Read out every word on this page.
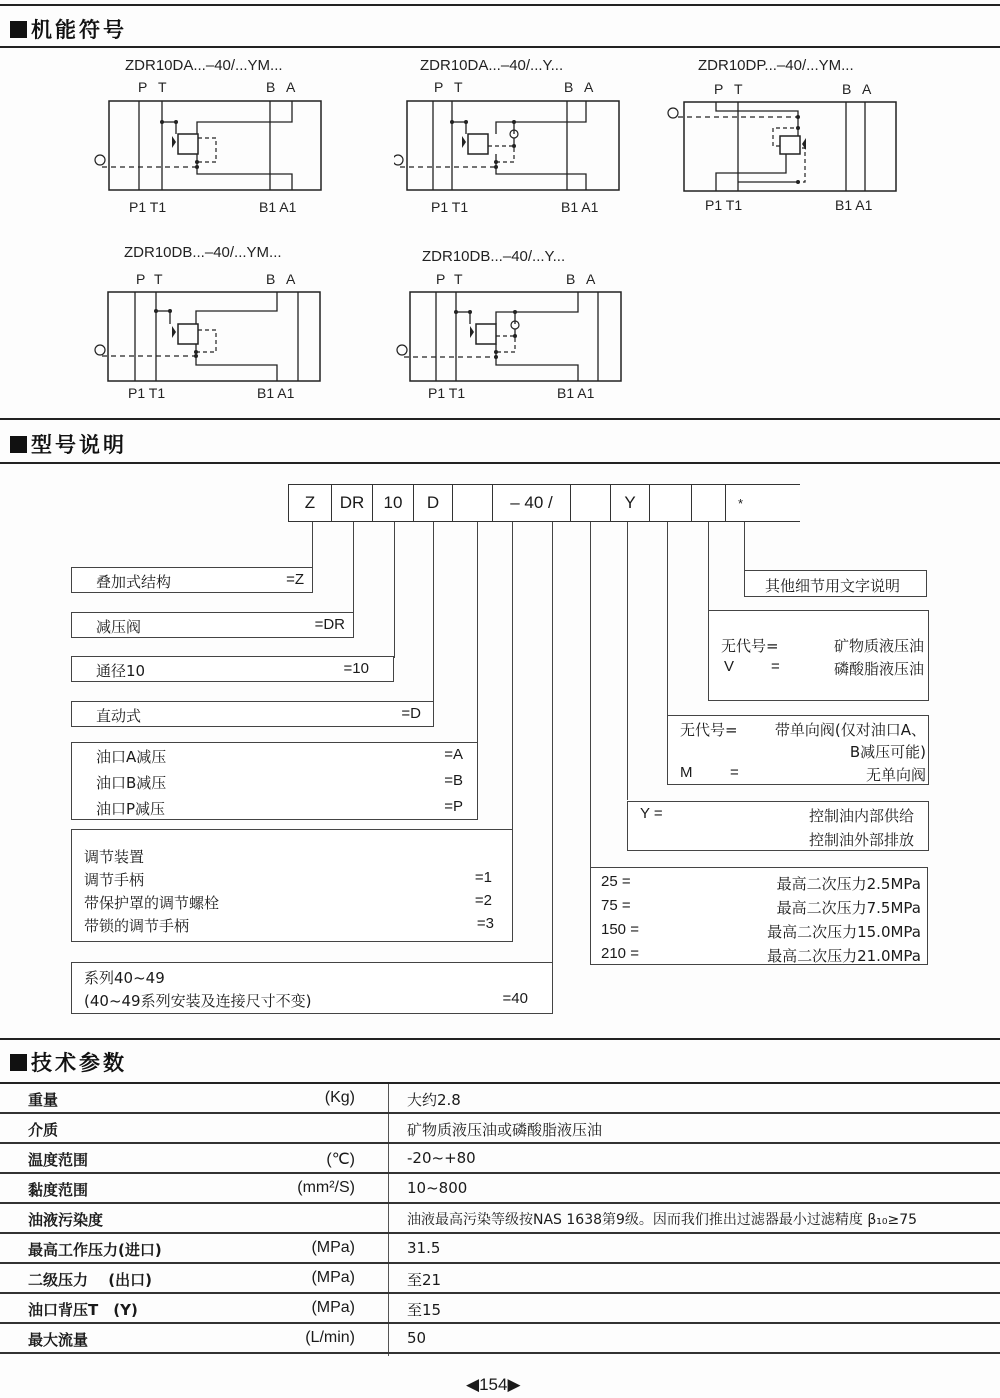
机能符号
ZDR10DA...–40/...YM...
P T	B A
P1 T1	B1 A1
ZDR10DA...–40/...Y...
P T	B A
P1 T1	B1 A1
ZDR10DP...–40/...YM...
P T	B A
P1 T1	B1 A1
ZDR10DB...–40/...YM...
P T	B A
P1 T1	B1 A1
ZDR10DB...–40/...Y...
P T	B A
P1 T1	B1 A1
型号说明
Z	DR	10	D	– 40 /	Y	*
叠加式结构	=Z
减压阀	=DR
通径10	=10
直动式	=D
油口A减压	=A
油口B减压	=B
油口P减压	=P
调节装置
调节手柄	=1
带保护罩的调节螺栓	=2
带锁的调节手柄	=3
系列40~49
(40~49系列安装及连接尺寸不变)	=40
其他细节用文字说明
无代号=	矿物质液压油
V =	磷酸脂液压油
无代号= 带单向阀(仅对油口A、
B减压可能)
M	=	无单向阀
Y =	控制油内部供给
控制油外部排放
25 =	最高二次压力2.5MPa
75 =	最高二次压力7.5MPa
150 =	最高二次压力15.0MPa
210 =	最高二次压力21.0MPa
技术参数
重量	(Kg)	大约2.8
介质	矿物质液压油或磷酸脂液压油
温度范围	(℃)	-20~+80
黏度范围	(mm²/S)	10~800
油液污染度	油液最高污染等级按NAS 1638第9级。因而我们推出过滤器最小过滤精度 β₁₀≥75
最高工作压力(进口)	(MPa)	31.5
二级压力　 (出口)	(MPa)	至21
油口背压T　(Y)	(MPa)	至15
最大流量	(L/min)	50
◀154▶
